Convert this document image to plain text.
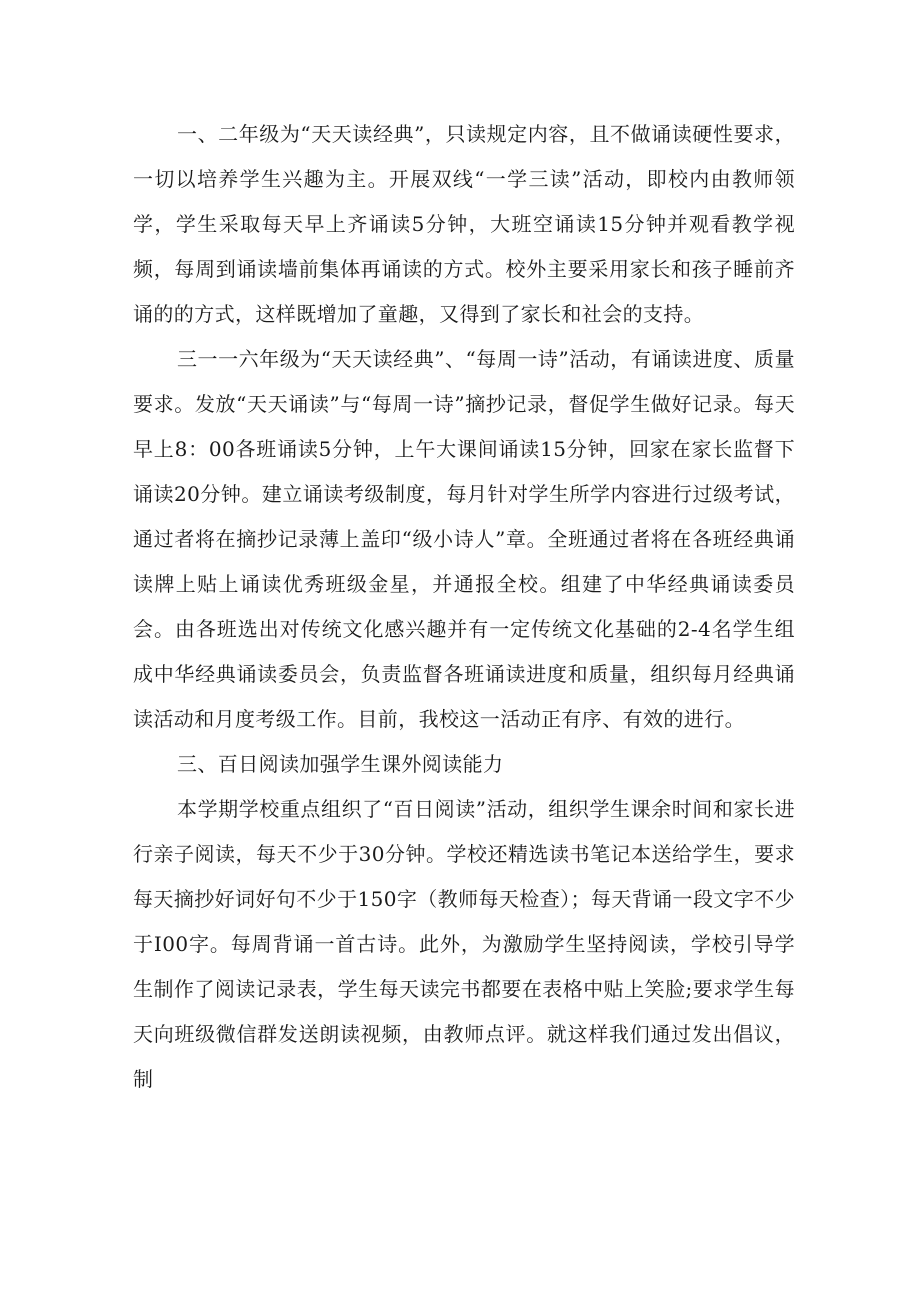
一、二年级为“天天读经典”，只读规定内容，且不做诵读硬性要求，一切以培养学生兴趣为主。开展双线“一学三读”活动，即校内由教师领学，学生采取每天早上齐诵读5分钟，大班空诵读15分钟并观看教学视频，每周到诵读墙前集体再诵读的方式。校外主要采用家长和孩子睡前齐诵的的方式，这样既增加了童趣，又得到了家长和社会的支持。

三一一六年级为“天天读经典”、“每周一诗”活动，有诵读进度、质量要求。发放“天天诵读”与“每周一诗”摘抄记录，督促学生做好记录。每天早上8：00各班诵读5分钟，上午大课间诵读15分钟，回家在家长监督下诵读20分钟。建立诵读考级制度，每月针对学生所学内容进行过级考试，通过者将在摘抄记录薄上盖印“级小诗人”章。全班通过者将在各班经典诵读牌上贴上诵读优秀班级金星，并通报全校。组建了中华经典诵读委员会。由各班选出对传统文化感兴趣并有一定传统文化基础的2-4名学生组成中华经典诵读委员会，负责监督各班诵读进度和质量，组织每月经典诵读活动和月度考级工作。目前，我校这一活动正有序、有效的进行。

三、百日阅读加强学生课外阅读能力

本学期学校重点组织了“百日阅读”活动，组织学生课余时间和家长进行亲子阅读，每天不少于30分钟。学校还精选读书笔记本送给学生，要求每天摘抄好词好句不少于150字（教师每天检查）；每天背诵一段文字不少于I00字。每周背诵一首古诗。此外，为激励学生坚持阅读，学校引导学生制作了阅读记录表，学生每天读完书都要在表格中贴上笑脸;要求学生每天向班级微信群发送朗读视频，由教师点评。就这样我们通过发出倡议，制
